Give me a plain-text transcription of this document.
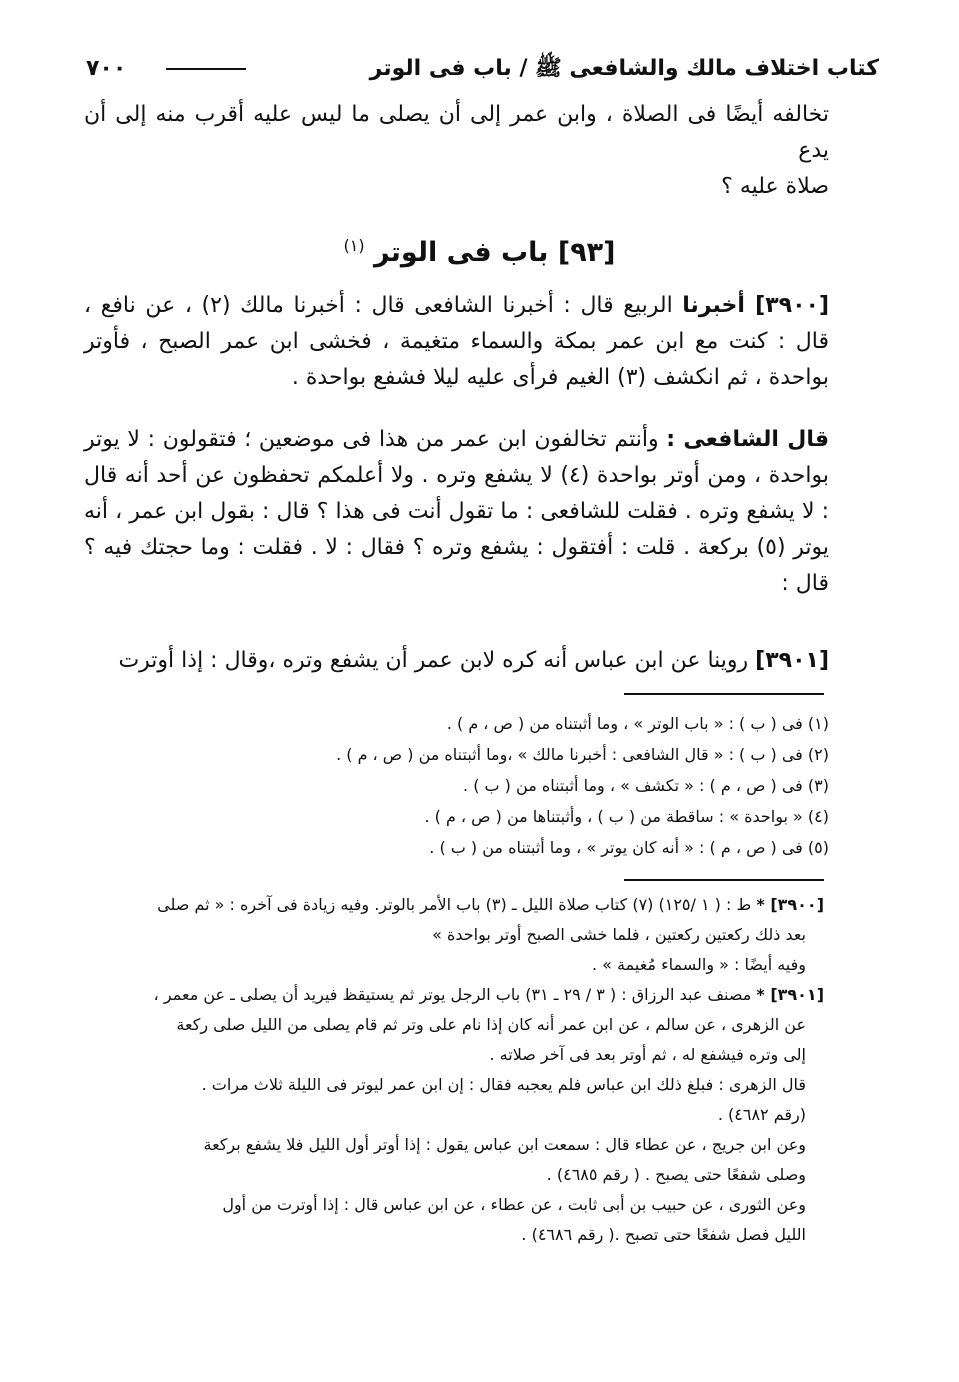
كتاب اختلاف مالك والشافعى ﷺ / باب فى الوتر
٧٠٠

تخالفه أيضًا فى الصلاة ، وابن عمر إلى أن يصلى ما ليس عليه أقرب منه إلى أن يدع

صلاة عليه ؟

[٩٣] باب فى الوتر $^{(١)}$

[٣٩٠٠] أخبرنا الربيع قال : أخبرنا الشافعى قال : أخبرنا مالك (٢) ، عن نافع ، قال : كنت مع ابن عمر بمكة والسماء متغيمة ، فخشى ابن عمر الصبح ، فأوتر بواحدة ، ثم انكشف (٣) الغيم فرأى عليه ليلا فشفع بواحدة .

قال الشافعى : وأنتم تخالفون ابن عمر من هذا فى موضعين ؛ فتقولون : لا يوتر بواحدة ، ومن أوتر بواحدة (٤) لا يشفع وتره . ولا أعلمكم تحفظون عن أحد أنه قال : لا يشفع وتره . فقلت للشافعى : ما تقول أنت فى هذا ؟ قال : بقول ابن عمر ، أنه يوتر (٥) بركعة . قلت : أفتقول : يشفع وتره ؟ فقال : لا . فقلت : وما حجتك فيه ؟ قال :

[٣٩٠١] روينا عن ابن عباس أنه كره لابن عمر أن يشفع وتره ،وقال : إذا أوترت

(١) فى ( ب ) : « باب الوتر » ، وما أثبتناه من ( ص ، م ) .
(٢) فى ( ب ) : « قال الشافعى : أخبرنا مالك » ،وما أثبتناه من ( ص ، م ) .
(٣) فى ( ص ، م ) : « تكشف » ، وما أثبتناه من ( ب ) .
(٤) « بواحدة » : ساقطة من ( ب ) ، وأثبتناها من ( ص ، م ) .
(٥) فى ( ص ، م ) : « أنه كان يوتر » ، وما أثبتناه من ( ب ) .

[٣٩٠٠] * ط : ( ١ /١٢٥) (٧) كتاب صلاة الليل ـ (٣) باب الأمر بالوتر. وفيه زيادة فى آخره : « ثم صلى

بعد ذلك ركعتين ركعتين ، فلما خشى الصبح أوتر بواحدة »

وفيه أيضًا : « والسماء مُغيمة » .

[٣٩٠١] * مصنف عبد الرزاق : ( ٣ / ٢٩ ـ ٣١) باب الرجل يوتر ثم يستيقظ فيريد أن يصلى ـ عن معمر ،

عن الزهرى ، عن سالم ، عن ابن عمر أنه كان إذا نام على وتر ثم قام يصلى من الليل صلى ركعة

إلى وتره فيشفع له ، ثم أوتر بعد فى آخر صلاته .

قال الزهرى : فبلغ ذلك ابن عباس فلم يعجبه فقال : إن ابن عمر ليوتر فى الليلة ثلاث مرات .

(رقم ٤٦٨٢) .

وعن ابن جريج ، عن عطاء قال : سمعت ابن عباس يقول : إذا أوتر أول الليل فلا يشفع بركعة

وصلى شفعًا حتى يصبح . ( رقم ٤٦٨٥) .

وعن الثورى ، عن حبيب بن أبى ثابت ، عن عطاء ، عن ابن عباس قال : إذا أوترت من أول

الليل فصل شفعًا حتى تصبح .( رقم ٤٦٨٦) .
